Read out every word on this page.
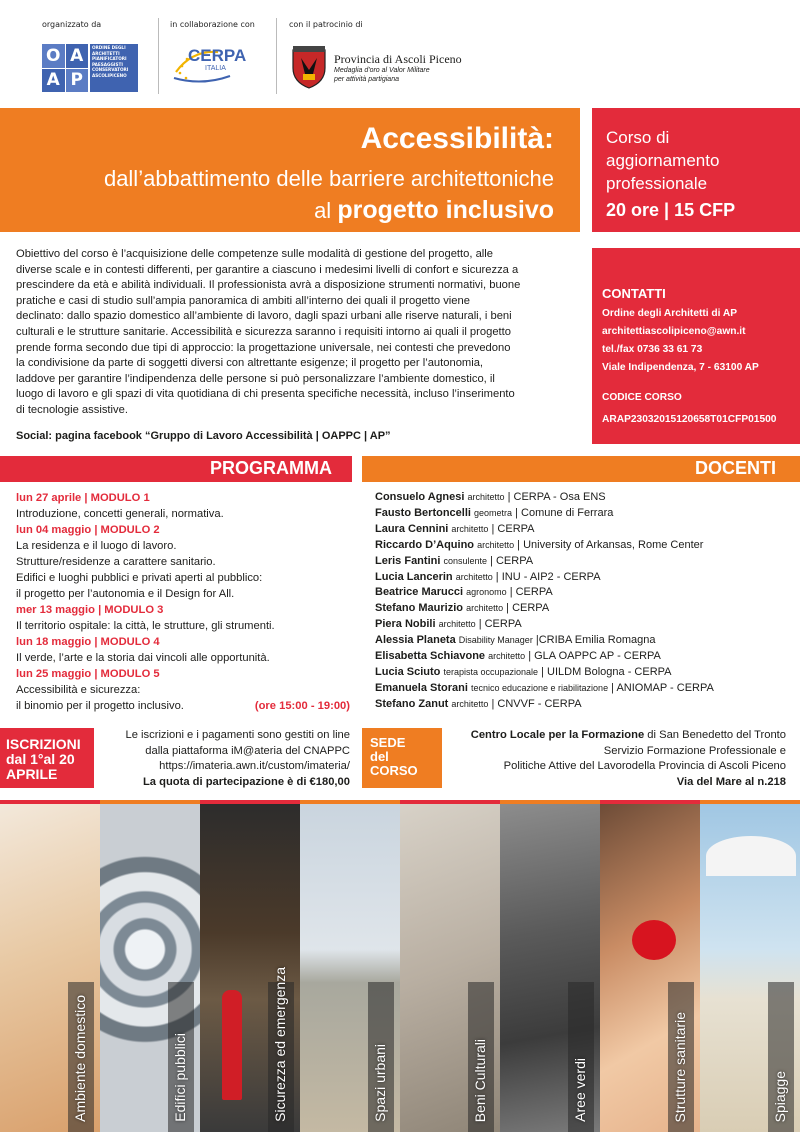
organizzato da
O A
A P
ORDINE DEGLI ARCHITETTI PIANIFICATORI PAESAGGISTI CONSERVATORI ASCOLIPICENO
in collaborazione con
CERPA
ITALIA
con il patrocinio di
Provincia di Ascoli Piceno
Medaglia d'oro al Valor Militare
per attività partigiana
Accessibilità:
dall’abbattimento delle barriere architettoniche
al progetto inclusivo
Corso di
aggiornamento
professionale
20 ore | 15 CFP
Obiettivo del corso è l’acquisizione delle competenze sulle modalità di gestione del progetto, alle
diverse scale e in contesti differenti, per garantire a ciascuno i medesimi livelli di confort e sicurezza a
prescindere da età e abilità individuali. Il professionista avrà a disposizione strumenti normativi, buone
pratiche e casi di studio sull’ampia panoramica di ambiti all’interno dei quali il progetto viene
declinato: dallo spazio domestico all’ambiente di lavoro, dagli spazi urbani alle riserve naturali, i beni
culturali e le strutture sanitarie. Accessibilità e sicurezza saranno i requisiti intorno ai quali il progetto
prende forma secondo due tipi di approccio: la progettazione universale, nei contesti che prevedono
la condivisione da parte di soggetti diversi con altrettante esigenze; il progetto per l’autonomia,
laddove per garantire l’indipendenza delle persone si può personalizzare l’ambiente domestico, il
luogo di lavoro e gli spazi di vita quotidiana di chi presenta specifiche necessità, incluso l’inserimento
di tecnologie assistive.
Social: pagina facebook “Gruppo di Lavoro Accessibilità | OAPPC | AP”
CONTATTI
Ordine degli Architetti di AP
architettiascolipiceno@awn.it
tel./fax 0736 33 61 73
Viale Indipendenza, 7 - 63100 AP
CODICE CORSO
ARAP23032015120658T01CFP01500
PROGRAMMA	DOCENTI
lun 27 aprile | MODULO 1
Introduzione, concetti generali, normativa.
lun 04 maggio | MODULO 2
La residenza e il luogo di lavoro.
Strutture/residenze a carattere sanitario.
Edifici e luoghi pubblici e privati aperti al pubblico:
il progetto per l’autonomia e il Design for All.
mer 13 maggio | MODULO 3
Il territorio ospitale: la città, le strutture, gli strumenti.
lun 18 maggio | MODULO 4
Il verde, l’arte e la storia dai vincoli alle opportunità.
lun 25 maggio | MODULO 5
Accessibilità e sicurezza:
il binomio per il progetto inclusivo.	(ore 15:00 - 19:00)
Consuelo Agnesi architetto | CERPA - Osa ENS
Fausto Bertoncelli geometra | Comune di Ferrara
Laura Cennini architetto | CERPA
Riccardo D’Aquino architetto | University of Arkansas, Rome Center
Leris Fantini consulente | CERPA
Lucia Lancerin architetto | INU - AIP2 - CERPA
Beatrice Marucci agronomo | CERPA
Stefano Maurizio architetto | CERPA
Piera Nobili architetto | CERPA
Alessia Planeta Disability Manager |CRIBA Emilia Romagna
Elisabetta Schiavone architetto | GLA OAPPC AP - CERPA
Lucia Sciuto terapista occupazionale | UILDM Bologna - CERPA
Emanuela Storani tecnico educazione e riabilitazione | ANIOMAP - CERPA
Stefano Zanut architetto | CNVVF - CERPA
ISCRIZIONI
dal 1°al 20
APRILE
Le iscrizioni e i pagamenti sono gestiti on line
dalla piattaforma iM@ateria del CNAPPC
https://imateria.awn.it/custom/imateria/
La quota di partecipazione è di €180,00
SEDE
del
CORSO
Centro Locale per la Formazione di San Benedetto del Tronto
Servizio Formazione Professionale e
Politiche Attive del Lavorodella Provincia di Ascoli Piceno
Via del Mare al n.218
Ambiente domestico	Edifici pubblici	Sicurezza ed emergenza	Spazi urbani	Beni Culturali	Aree verdi	Strutture sanitarie	Spiagge
